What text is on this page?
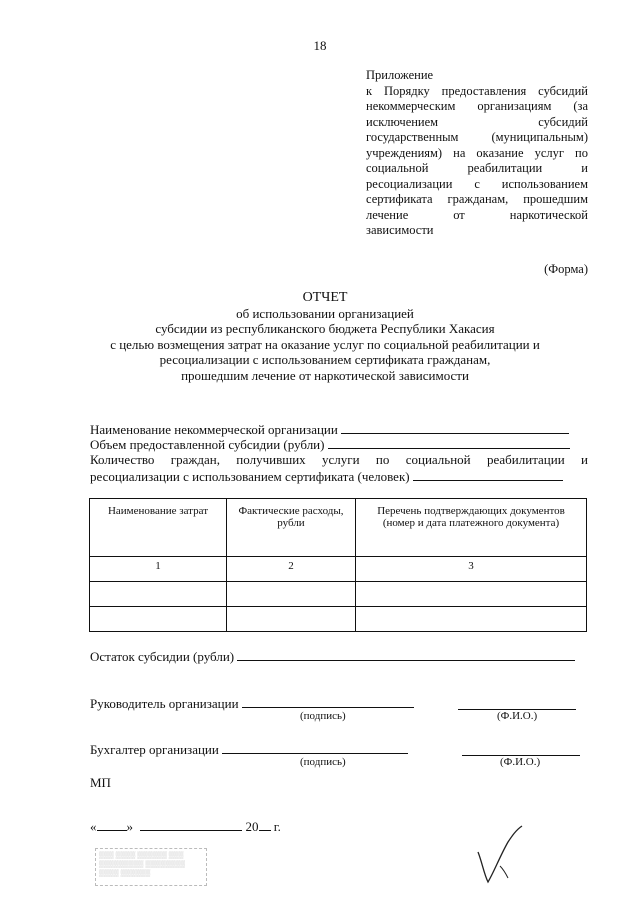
18
Приложение
к Порядку предоставления субсидий
некоммерческим организациям (за
исключением субсидий
государственным (муниципальным)
учреждениям) на оказание услуг по
социальной реабилитации и
ресоциализации с использованием
сертификата гражданам, прошедшим
лечение от наркотической
зависимости
(Форма)
ОТЧЕТ
об использовании организацией
субсидии из республиканского бюджета Республики Хакасия
с целью возмещения затрат на оказание услуг по социальной реабилитации и
ресоциализации с использованием сертификата гражданам,
прошедшим лечение от наркотической зависимости
Наименование некоммерческой организации
Объем предоставленной субсидии (рубли)
Количество граждан, получивших услуги по социальной реабилитации и ресоциализации с использованием сертификата (человек)
Наименование затрат	Фактические расходы, рубли	Перечень подтверждающих документов (номер и дата платежного документа)
1	2	3

Остаток субсидии (рубли)
Руководитель организации
(подпись)	(Ф.И.О.)
Бухгалтер организации
(подпись)	(Ф.И.О.)
МП
« »	20 г.
▒▒▒ ▒▒▒▒ ▒▒▒▒▒▒ ▒▒▒
▒▒▒▒▒▒▒▒▒ ▒▒▒▒▒▒▒▒
▒▒▒▒ ▒▒▒▒▒▒
